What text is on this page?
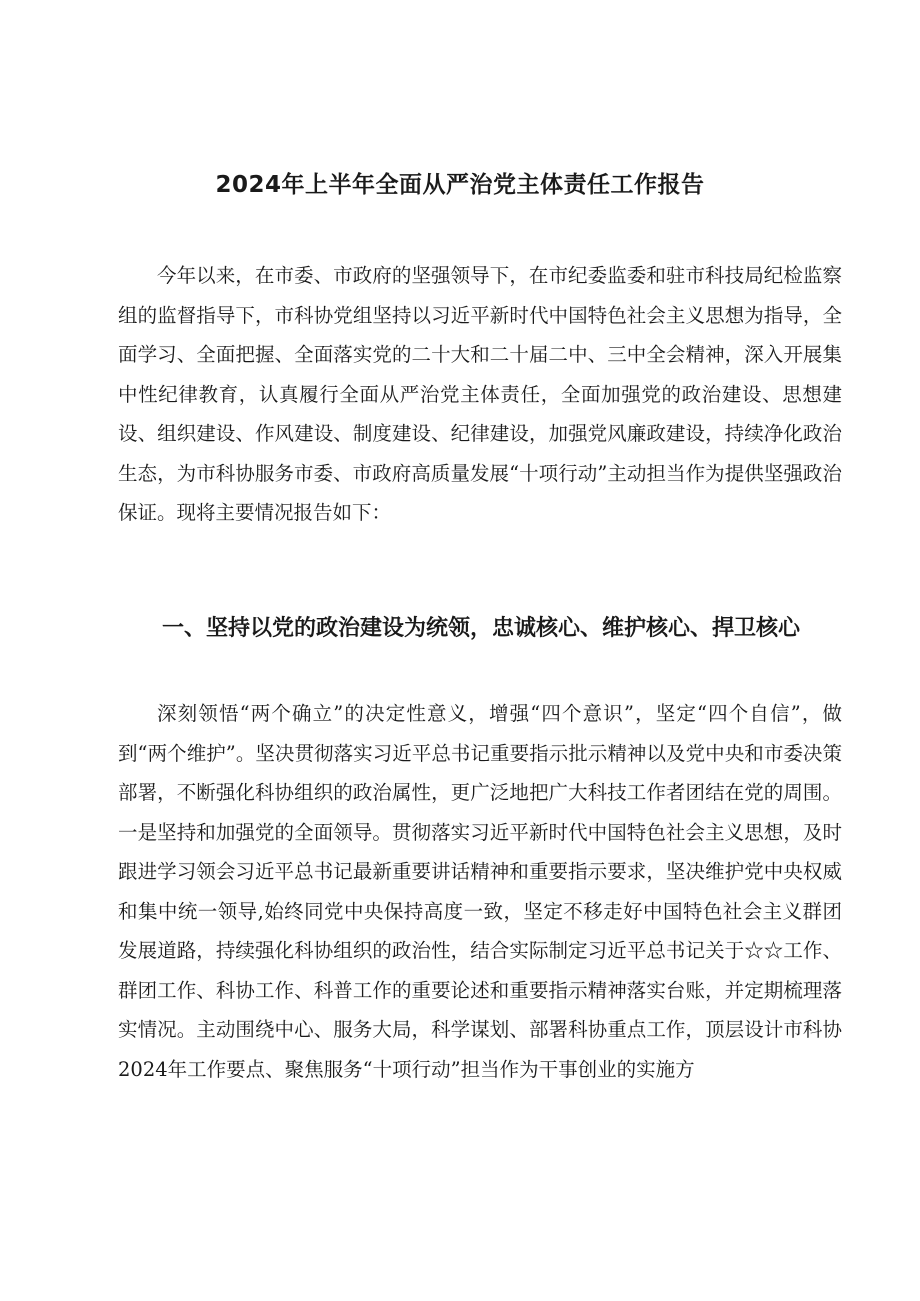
2024年上半年全面从严治党主体责任工作报告

今年以来，在市委、市政府的坚强领导下，在市纪委监委和驻市科技局纪检监察组的监督指导下，市科协党组坚持以习近平新时代中国特色社会主义思想为指导，全面学习、全面把握、全面落实党的二十大和二十届二中、三中全会精神，深入开展集中性纪律教育，认真履行全面从严治党主体责任，全面加强党的政治建设、思想建设、组织建设、作风建设、制度建设、纪律建设，加强党风廉政建设，持续净化政治生态，为市科协服务市委、市政府高质量发展“十项行动”主动担当作为提供坚强政治保证。现将主要情况报告如下：

一、坚持以党的政治建设为统领，忠诚核心、维护核心、捍卫核心

深刻领悟“两个确立”的决定性意义，增强“四个意识”，坚定“四个自信”，做到“两个维护”。坚决贯彻落实习近平总书记重要指示批示精神以及党中央和市委决策部署，不断强化科协组织的政治属性，更广泛地把广大科技工作者团结在党的周围。一是坚持和加强党的全面领导。贯彻落实习近平新时代中国特色社会主义思想，及时跟进学习领会习近平总书记最新重要讲话精神和重要指示要求，坚决维护党中央权威和集中统一领导,始终同党中央保持高度一致，坚定不移走好中国特色社会主义群团发展道路，持续强化科协组织的政治性，结合实际制定习近平总书记关于☆☆工作、群团工作、科协工作、科普工作的重要论述和重要指示精神落实台账，并定期梳理落实情况。主动围绕中心、服务大局，科学谋划、部署科协重点工作，顶层设计市科协2024年工作要点、聚焦服务“十项行动”担当作为干事创业的实施方
